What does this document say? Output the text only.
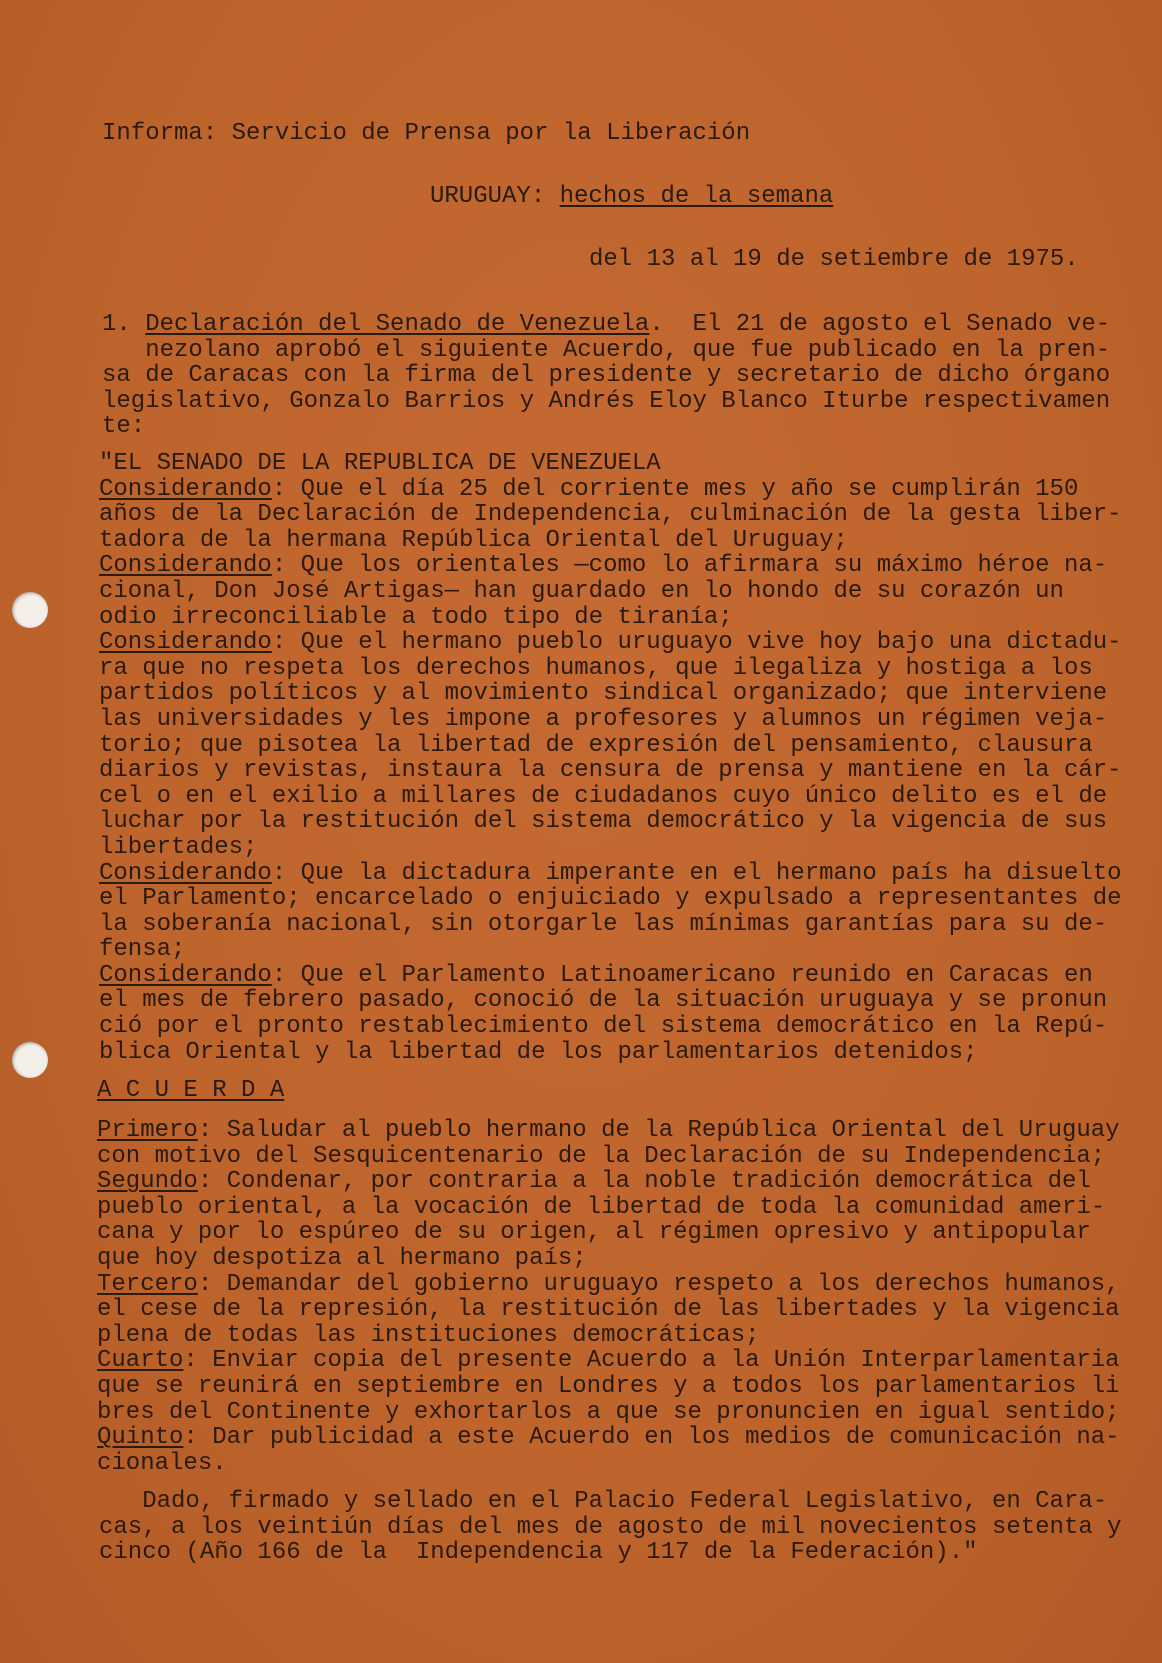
Informa: Servicio de Prensa por la Liberación
URUGUAY: hechos de la semana
del 13 al 19 de setiembre de 1975.
1. Declaración del Senado de Venezuela.  El 21 de agosto el Senado ve-
nezolano aprobó el siguiente Acuerdo, que fue publicado en la pren-
sa de Caracas con la firma del presidente y secretario de dicho órgano
legislativo, Gonzalo Barrios y Andrés Eloy Blanco Iturbe respectivamen
te:
"EL SENADO DE LA REPUBLICA DE VENEZUELA
Considerando: Que el día 25 del corriente mes y año se cumplirán 150
años de la Declaración de Independencia, culminación de la gesta liber-
tadora de la hermana República Oriental del Uruguay;
Considerando: Que los orientales —como lo afirmara su máximo héroe na-
cional, Don José Artigas— han guardado en lo hondo de su corazón un
odio irreconciliable a todo tipo de tiranía;
Considerando: Que el hermano pueblo uruguayo vive hoy bajo una dictadu-
ra que no respeta los derechos humanos, que ilegaliza y hostiga a los
partidos políticos y al movimiento sindical organizado; que interviene
las universidades y les impone a profesores y alumnos un régimen veja-
torio; que pisotea la libertad de expresión del pensamiento, clausura
diarios y revistas, instaura la censura de prensa y mantiene en la cár-
cel o en el exilio a millares de ciudadanos cuyo único delito es el de
luchar por la restitución del sistema democrático y la vigencia de sus
libertades;
Considerando: Que la dictadura imperante en el hermano país ha disuelto
el Parlamento; encarcelado o enjuiciado y expulsado a representantes de
la soberanía nacional, sin otorgarle las mínimas garantías para su de-
fensa;
Considerando: Que el Parlamento Latinoamericano reunido en Caracas en
el mes de febrero pasado, conoció de la situación uruguaya y se pronun
ció por el pronto restablecimiento del sistema democrático en la Repú-
blica Oriental y la libertad de los parlamentarios detenidos;
A C U E R D A
Primero: Saludar al pueblo hermano de la República Oriental del Uruguay
con motivo del Sesquicentenario de la Declaración de su Independencia;
Segundo: Condenar, por contraria a la noble tradición democrática del
pueblo oriental, a la vocación de libertad de toda la comunidad ameri-
cana y por lo espúreo de su origen, al régimen opresivo y antipopular
que hoy despotiza al hermano país;
Tercero: Demandar del gobierno uruguayo respeto a los derechos humanos,
el cese de la represión, la restitución de las libertades y la vigencia
plena de todas las instituciones democráticas;
Cuarto: Enviar copia del presente Acuerdo a la Unión Interparlamentaria
que se reunirá en septiembre en Londres y a todos los parlamentarios li
bres del Continente y exhortarlos a que se pronuncien en igual sentido;
Quinto: Dar publicidad a este Acuerdo en los medios de comunicación na-
cionales.
Dado, firmado y sellado en el Palacio Federal Legislativo, en Cara-
cas, a los veintiún días del mes de agosto de mil novecientos setenta y
cinco (Año 166 de la  Independencia y 117 de la Federación)."
